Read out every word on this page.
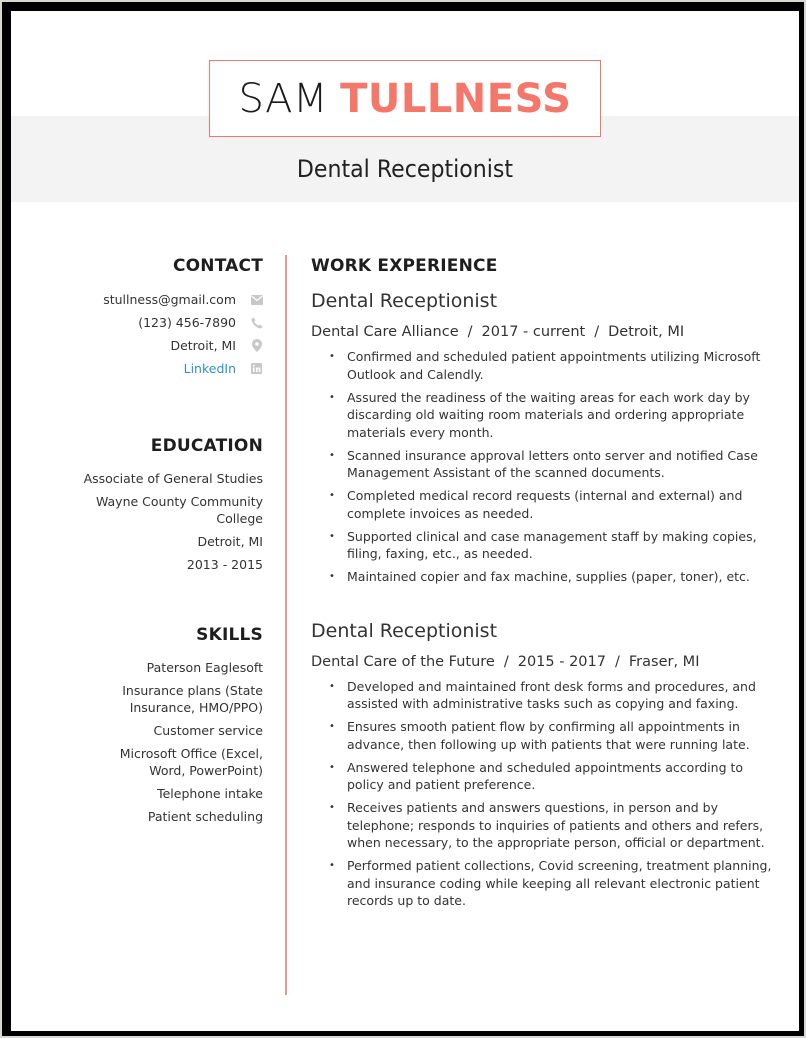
SAM TULLNESS
Dental Receptionist
CONTACT
stullness@gmail.com
(123) 456-7890
Detroit, MI
LinkedIn
EDUCATION
Associate of General Studies
Wayne County Community College
Detroit, MI
2013 - 2015
SKILLS
Paterson Eaglesoft
Insurance plans (State Insurance, HMO/PPO)
Customer service
Microsoft Office (Excel, Word, PowerPoint)
Telephone intake
Patient scheduling
WORK EXPERIENCE
Dental Receptionist
Dental Care Alliance / 2017 - current / Detroit, MI
• Confirmed and scheduled patient appointments utilizing Microsoft Outlook and Calendly.
• Assured the readiness of the waiting areas for each work day by discarding old waiting room materials and ordering appropriate materials every month.
• Scanned insurance approval letters onto server and notified Case Management Assistant of the scanned documents.
• Completed medical record requests (internal and external) and complete invoices as needed.
• Supported clinical and case management staff by making copies, filing, faxing, etc., as needed.
• Maintained copier and fax machine, supplies (paper, toner), etc.
Dental Receptionist
Dental Care of the Future / 2015 - 2017 / Fraser, MI
• Developed and maintained front desk forms and procedures, and assisted with administrative tasks such as copying and faxing.
• Ensures smooth patient flow by confirming all appointments in advance, then following up with patients that were running late.
• Answered telephone and scheduled appointments according to policy and patient preference.
• Receives patients and answers questions, in person and by telephone; responds to inquiries of patients and others and refers, when necessary, to the appropriate person, official or department.
• Performed patient collections, Covid screening, treatment planning, and insurance coding while keeping all relevant electronic patient records up to date.
